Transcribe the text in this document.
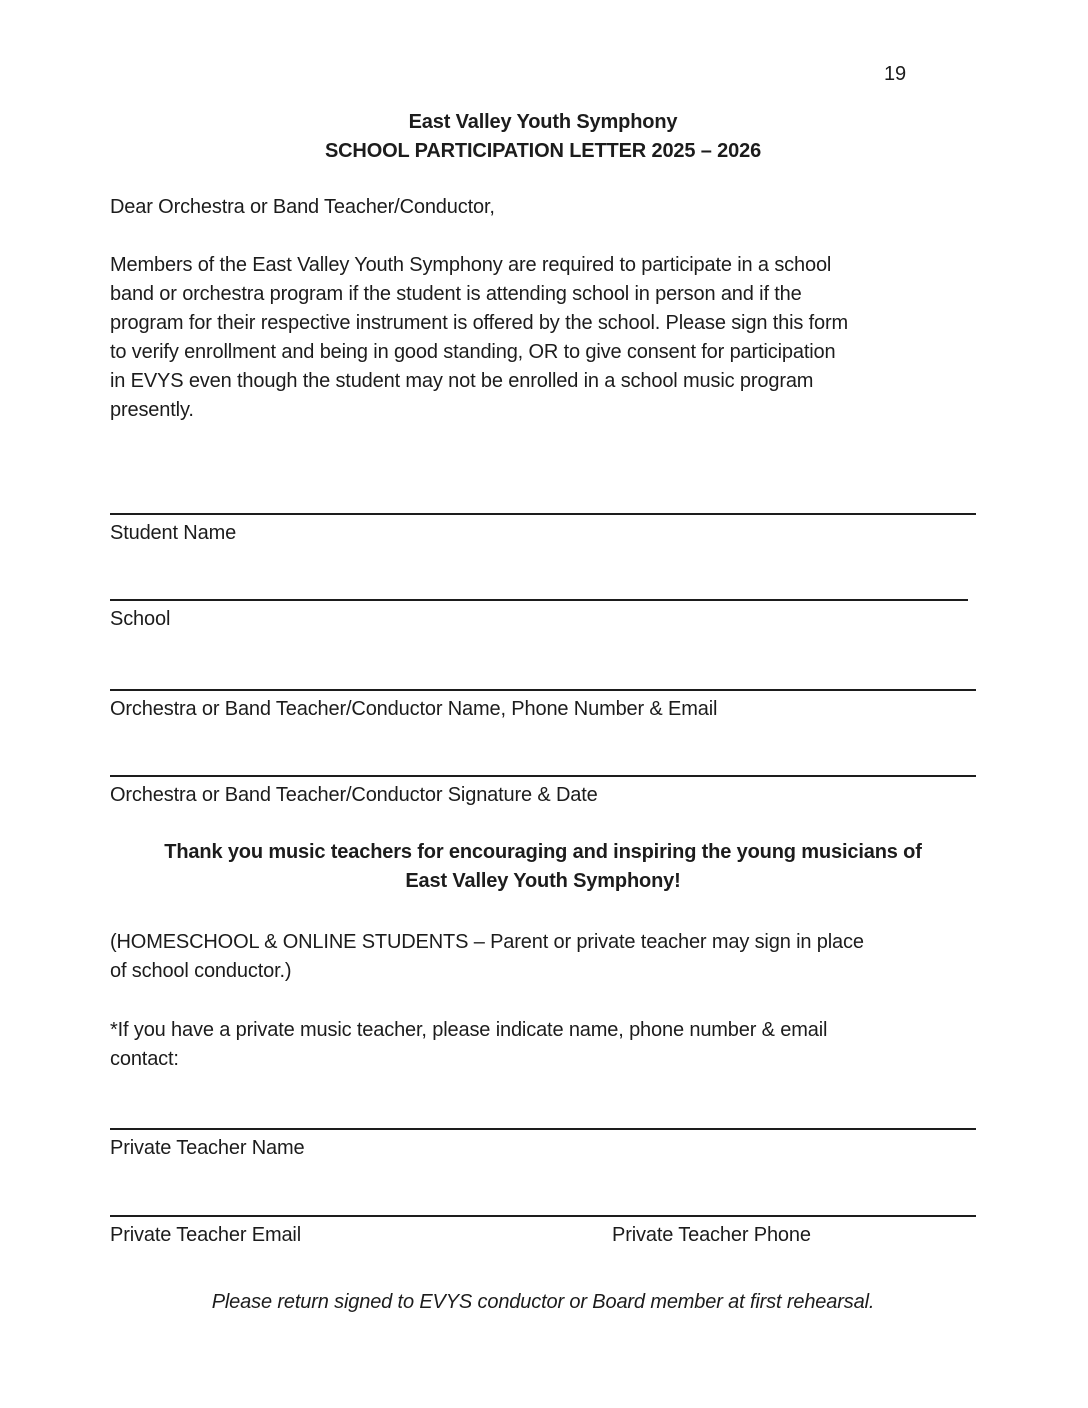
19
East Valley Youth Symphony
SCHOOL PARTICIPATION LETTER 2025 – 2026
Dear Orchestra or Band Teacher/Conductor,
Members of the East Valley Youth Symphony are required to participate in a school
band or orchestra program if the student is attending school in person and if the
program for their respective instrument is offered by the school. Please sign this form
to verify enrollment and being in good standing, OR to give consent for participation
in EVYS even though the student may not be enrolled in a school music program
presently.
Student Name
School
Orchestra or Band Teacher/Conductor Name, Phone Number & Email
Orchestra or Band Teacher/Conductor Signature & Date
Thank you music teachers for encouraging and inspiring the young musicians of
East Valley Youth Symphony!
(HOMESCHOOL & ONLINE STUDENTS – Parent or private teacher may sign in place
of school conductor.)
*If you have a private music teacher, please indicate name, phone number & email
contact:
Private Teacher Name
Private Teacher Email	Private Teacher Phone
Please return signed to EVYS conductor or Board member at first rehearsal.
